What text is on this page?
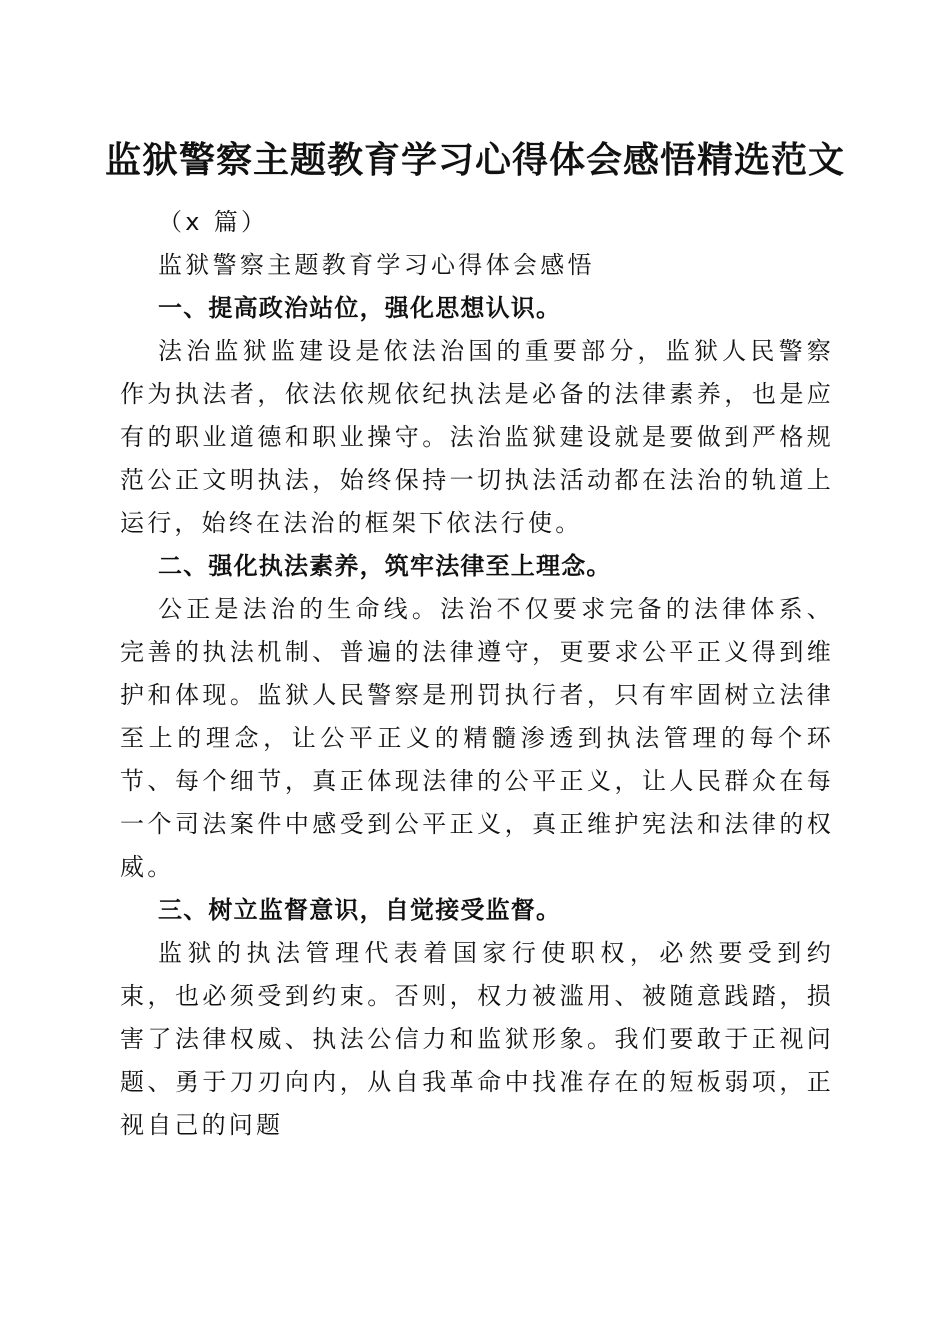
监狱警察主题教育学习心得体会感悟精选范文

（x 篇）

监狱警察主题教育学习心得体会感悟

一、提高政治站位，强化思想认识。

法治监狱监建设是依法治国的重要部分，监狱人民警察作为执法者，依法依规依纪执法是必备的法律素养，也是应有的职业道德和职业操守。法治监狱建设就是要做到严格规范公正文明执法，始终保持一切执法活动都在法治的轨道上运行，始终在法治的框架下依法行使。

二、强化执法素养，筑牢法律至上理念。

公正是法治的生命线。法治不仅要求完备的法律体系、完善的执法机制、普遍的法律遵守，更要求公平正义得到维护和体现。监狱人民警察是刑罚执行者，只有牢固树立法律至上的理念，让公平正义的精髓渗透到执法管理的每个环节、每个细节，真正体现法律的公平正义，让人民群众在每一个司法案件中感受到公平正义，真正维护宪法和法律的权威。

三、树立监督意识，自觉接受监督。

监狱的执法管理代表着国家行使职权，必然要受到约束，也必须受到约束。否则，权力被滥用、被随意践踏，损害了法律权威、执法公信力和监狱形象。我们要敢于正视问题、勇于刀刃向内，从自我革命中找准存在的短板弱项，正视自己的问题
